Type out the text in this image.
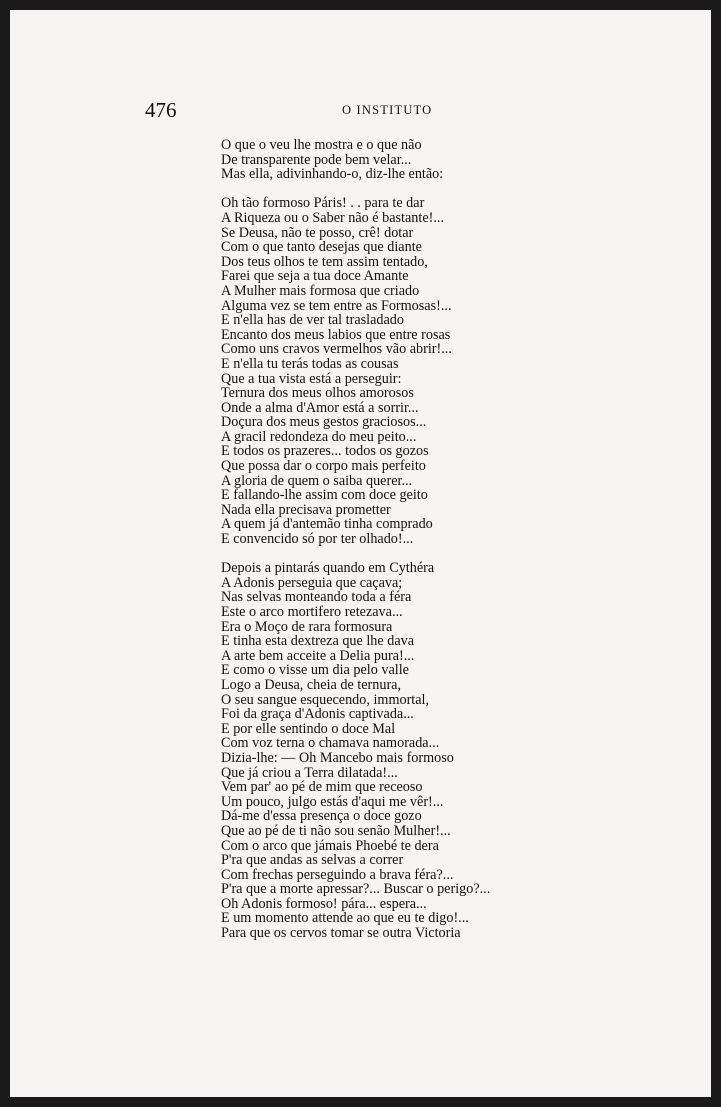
476	O INSTITUTO
O que o veu lhe mostra e o que não
De transparente pode bem velar...
Mas ella, adivinhando-o, diz-lhe então:
Oh tão formoso Páris! . . para te dar
A Riqueza ou o Saber não é bastante!...
Se Deusa, não te posso, crê! dotar
Com o que tanto desejas que diante
Dos teus olhos te tem assim tentado,
Farei que seja a tua doce Amante
A Mulher mais formosa que criado
Alguma vez se tem entre as Formosas!...
E n'ella has de ver tal trasladado
Encanto dos meus labios que entre rosas
Como uns cravos vermelhos vão abrir!...
E n'ella tu terás todas as cousas
Que a tua vista está a perseguir:
Ternura dos meus olhos amorosos
Onde a alma d'Amor está a sorrir...
Doçura dos meus gestos graciosos...
A gracil redondeza do meu peito...
E todos os prazeres... todos os gozos
Que possa dar o corpo mais perfeito
A gloria de quem o saiba querer...
E fallando-lhe assim com doce geito
Nada ella precisava prometter
A quem já d'antemão tinha comprado
E convencido só por ter olhado!...
Depois a pintarás quando em Cythéra
A Adonis perseguia que caçava;
Nas selvas monteando toda a féra
Este o arco mortifero retezava...
Era o Moço de rara formosura
E tinha esta dextreza que lhe dava
A arte bem acceite a Delia pura!...
E como o visse um dia pelo valle
Logo a Deusa, cheia de ternura,
O seu sangue esquecendo, immortal,
Foi da graça d'Adonis captivada...
E por elle sentindo o doce Mal
Com voz terna o chamava namorada...
Dizia-lhe: — Oh Mancebo mais formoso
Que já criou a Terra dilatada!...
Vem par' ao pé de mim que receoso
Um pouco, julgo estás d'aqui me vêr!...
Dá-me d'essa presença o doce gozo
Que ao pé de ti não sou senão Mulher!...
Com o arco que jámais Phoebé te dera
P'ra que andas as selvas a correr
Com frechas perseguindo a brava féra?...
P'ra que a morte apressar?... Buscar o perigo?...
Oh Adonis formoso! pára... espera...
E um momento attende ao que eu te digo!...
Para que os cervos tomar se outra Victoria
